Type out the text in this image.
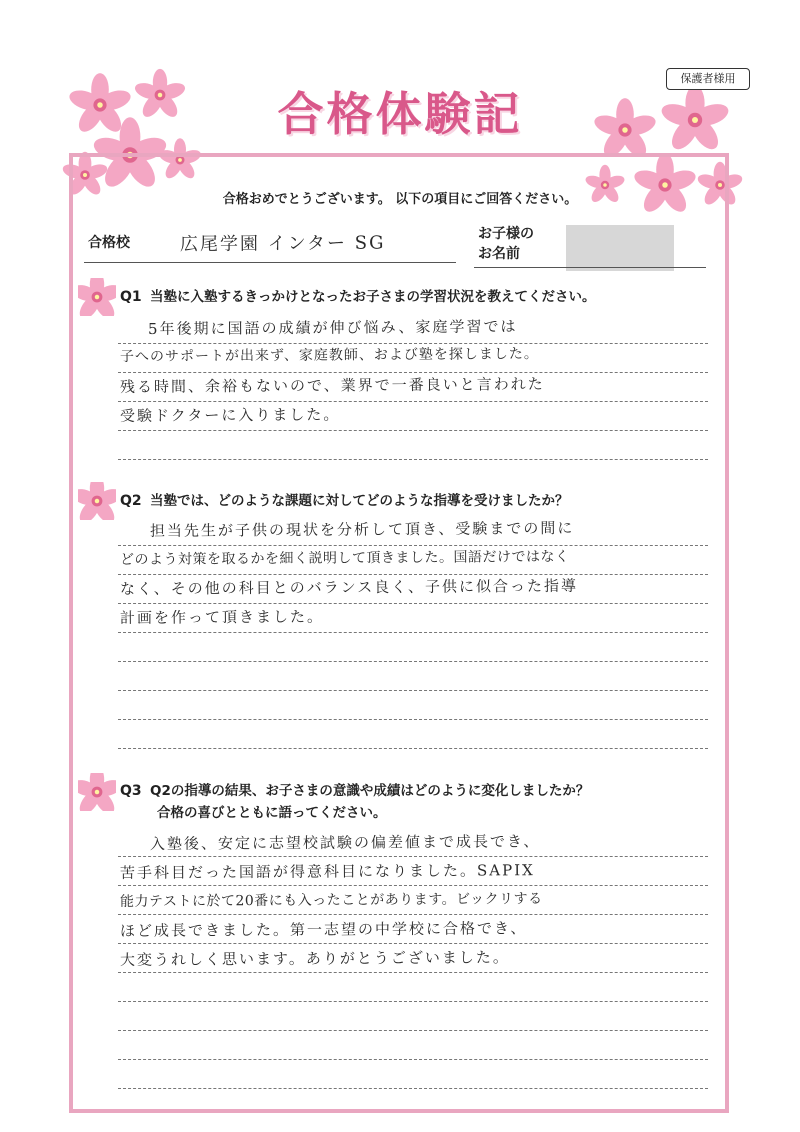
保護者様用
合格体験記
合格おめでとうございます。 以下の項目にご回答ください。
合格校	広尾学園 インター SG	お子様の
お名前
Q1 当塾に入塾するきっかけとなったお子さまの学習状況を教えてください。
5年後期に国語の成績が伸び悩み、家庭学習では
子へのサポートが出来ず、家庭教師、および塾を探しました。
残る時間、余裕もないので、業界で一番良いと言われた
受験ドクターに入りました。
Q2 当塾では、どのような課題に対してどのような指導を受けましたか？
担当先生が子供の現状を分析して頂き、受験までの間に
どのよう対策を取るかを細く説明して頂きました。国語だけではなく
なく、その他の科目とのバランス良く、子供に似合った指導
計画を作って頂きました。
Q3 Q2の指導の結果、お子さまの意識や成績はどのように変化しましたか？
合格の喜びとともに語ってください。
入塾後、安定に志望校試験の偏差値まで成長でき、
苦手科目だった国語が得意科目になりました。SAPIX
能力テストに於て20番にも入ったことがあります。ビックリする
ほど成長できました。第一志望の中学校に合格でき、
大変うれしく思います。ありがとうございました。
